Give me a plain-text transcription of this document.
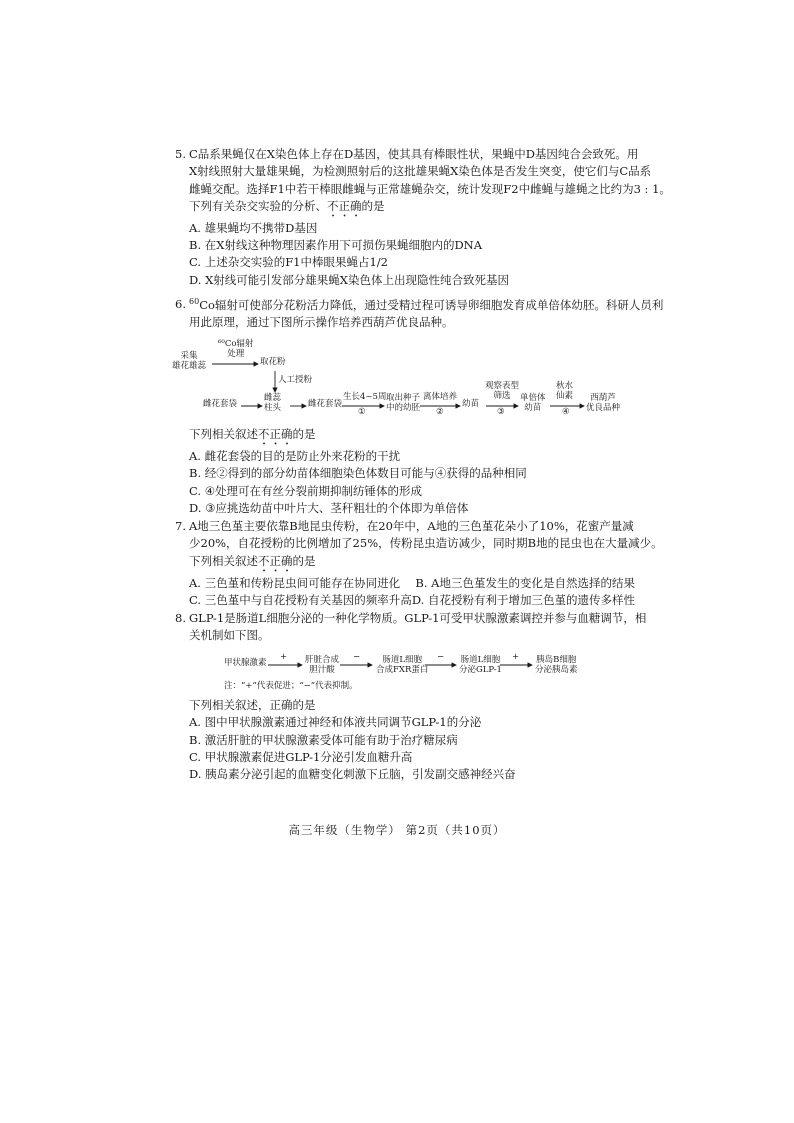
5. C品系果蝇仅在X染色体上存在D基因，使其具有棒眼性状，果蝇中D基因纯合会致死。用
X射线照射大量雄果蝇，为检测照射后的这批雄果蝇X染色体是否发生突变，使它们与C品系
雌蝇交配。选择F1中若干棒眼雌蝇与正常雄蝇杂交，统计发现F2中雌蝇与雄蝇之比约为3 : 1。
下列有关杂交实验的分析、不正确的是
A. 雄果蝇均不携带D基因
B. 在X射线这种物理因素作用下可损伤果蝇细胞内的DNA
C. 上述杂交实验的F1中棒眼果蝇占1/2
D. X射线可能引发部分雄果蝇X染色体上出现隐性纯合致死基因
6. $^{60}$Co辐射可使部分花粉活力降低，通过受精过程可诱导卵细胞发育成单倍体幼胚。科研人员利
用此原理，通过下图所示操作培养西葫芦优良品种。
采集
雄花雄蕊
⁶⁰Co辐射
处理
取花粉
人工授粉
雌花套袋
雌蕊
柱头	雌花套袋
生长4~5周
①
取出种子
中的幼胚
离体培养
②
幼苗
观察表型
筛选
③
单倍体
幼苗
秋水
仙素
④
西葫芦
优良品种
下列相关叙述不正确的是
A. 雌花套袋的目的是防止外来花粉的干扰
B. 经②得到的部分幼苗体细胞染色体数目可能与④获得的品种相同
C. ④处理可在有丝分裂前期抑制纺锤体的形成
D. ③应挑选幼苗中叶片大、茎秆粗壮的个体即为单倍体
7. A地三色堇主要依靠B地昆虫传粉，在20年中，A地的三色堇花朵小了10%，花蜜产量减
少20%，自花授粉的比例增加了25%，传粉昆虫造访减少，同时期B地的昆虫也在大量减少。
下列相关叙述不正确的是
A. 三色堇和传粉昆虫间可能存在协同进化	B. A地三色堇发生的变化是自然选择的结果
C. 三色堇中与自花授粉有关基因的频率升高 D. 自花授粉有利于增加三色堇的遗传多样性
8. GLP-1是肠道L细胞分泌的一种化学物质。GLP-1可受甲状腺激素调控并参与血糖调节，相
关机制如下图。
甲状腺激素
+ 肝脏合成
胆汁酸
−	肠道L细胞
合成FXR蛋白
− 肠道L细胞
分泌GLP-1
+ 胰岛B细胞
分泌胰岛素
注：“+”代表促进；“−”代表抑制。
下列相关叙述，正确的是
A. 图中甲状腺激素通过神经和体液共同调节GLP-1的分泌
B. 激活肝脏的甲状腺激素受体可能有助于治疗糖尿病
C. 甲状腺激素促进GLP-1分泌引发血糖升高
D. 胰岛素分泌引起的血糖变化刺激下丘脑，引发副交感神经兴奋
高三年级（生物学） 第2页（共10页）
